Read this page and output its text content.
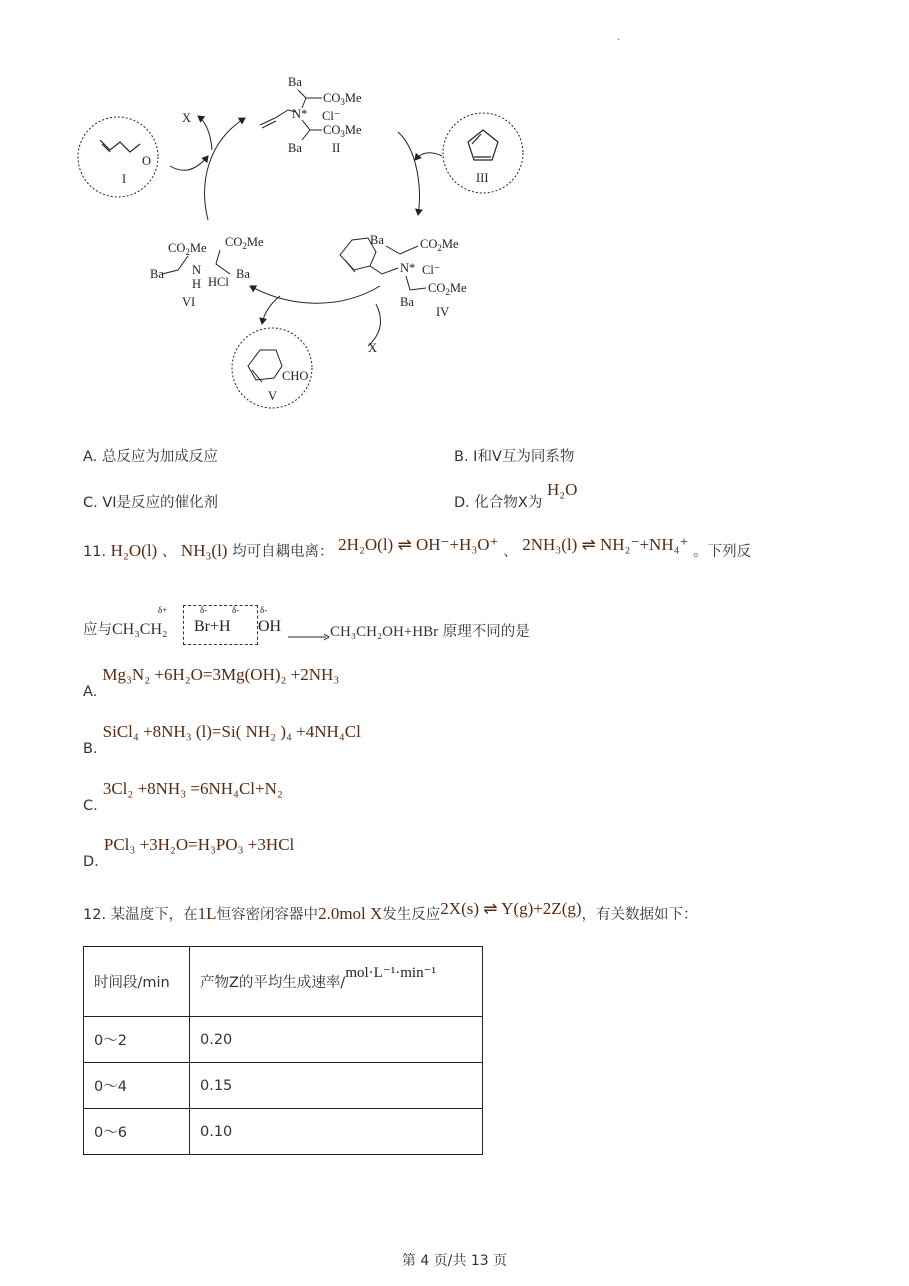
·
O
I
X
Ba
$CO_3Me$
N* Cl⁻
$CO_3Me$
Ba II
III
Ba	$CO_2Me$
N* Cl⁻
$CO_2Me$
Ba
IV
X
$CO_2Me$ $CO_2Me$
Ba N
H HCl
Ba
VI
CHO
V
A. 总反应为加成反应	B. I和V互为同系物
C. VI是反应的催化剂	D. 化合物X为 H₂O
11. H₂O(l) 、 NH₃(l) 均可自耦电离： 2H₂O(l) ⇌ OH⁻+H₃O⁺ 、 2NH₃(l) ⇌ NH₂⁻+NH₄⁺ 。下列反
应与CH₃CH₂
δ+	δ-	δ- δ-
Br+H OH → CH₃CH₂OH+HBr 原理不同的是
A. Mg₃N₂ +6H₂O=3Mg(OH)₂ +2NH₃
B. SiCl₄ +8NH₃ (l)=Si( NH₂ )₄ +4NH₄Cl
C. 3Cl₂ +8NH₃ =6NH₄Cl+N₂
D. PCl₃ +3H₂O=H₃PO₃ +3HCl
12. 某温度下，在1L恒容密闭容器中2.0mol X发生反应2X(s) ⇌ Y(g)+2Z(g)，有关数据如下：
时间段/min	产物Z的平均生成速率/mol·L⁻¹·min⁻¹
0～2	0.20
0～4	0.15
0～6	0.10
第 4 页/共 13 页
